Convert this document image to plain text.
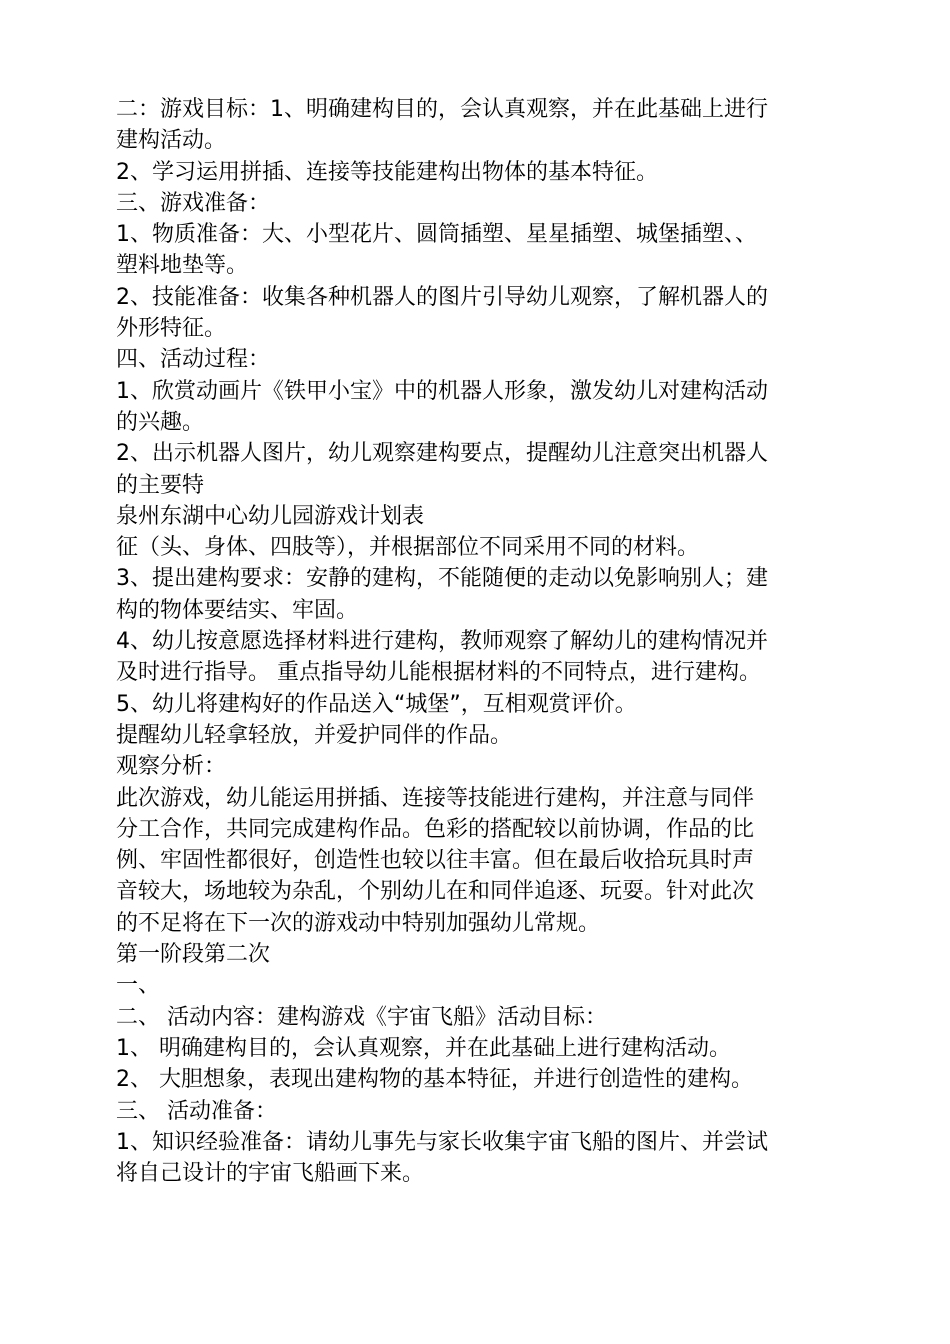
二：游戏目标：1、明确建构目的，会认真观察，并在此基础上进行
建构活动。
2、学习运用拼插、连接等技能建构出物体的基本特征。
三、游戏准备：
1、物质准备：大、小型花片、圆筒插塑、星星插塑、城堡插塑、、
塑料地垫等。
2、技能准备：收集各种机器人的图片引导幼儿观察，了解机器人的
外形特征。
四、活动过程：
1、欣赏动画片《铁甲小宝》中的机器人形象，激发幼儿对建构活动
的兴趣。
2、出示机器人图片，幼儿观察建构要点，提醒幼儿注意突出机器人
的主要特
泉州东湖中心幼儿园游戏计划表
征（头、身体、四肢等），并根据部位不同采用不同的材料。
3、提出建构要求：安静的建构，不能随便的走动以免影响别人；建
构的物体要结实、牢固。
4、幼儿按意愿选择材料进行建构，教师观察了解幼儿的建构情况并
及时进行指导。 重点指导幼儿能根据材料的不同特点，进行建构。
5、幼儿将建构好的作品送入“城堡”，互相观赏评价。
提醒幼儿轻拿轻放，并爱护同伴的作品。
观察分析：
此次游戏，幼儿能运用拼插、连接等技能进行建构，并注意与同伴
分工合作，共同完成建构作品。色彩的搭配较以前协调，作品的比
例、牢固性都很好，创造性也较以往丰富。但在最后收拾玩具时声
音较大，场地较为杂乱，个别幼儿在和同伴追逐、玩耍。针对此次
的不足将在下一次的游戏动中特别加强幼儿常规。
第一阶段第二次
一、
二、 活动内容：建构游戏《宇宙飞船》活动目标：
1、 明确建构目的，会认真观察，并在此基础上进行建构活动。
2、 大胆想象，表现出建构物的基本特征，并进行创造性的建构。
三、 活动准备：
1、知识经验准备：请幼儿事先与家长收集宇宙飞船的图片、并尝试
将自己设计的宇宙飞船画下来。
